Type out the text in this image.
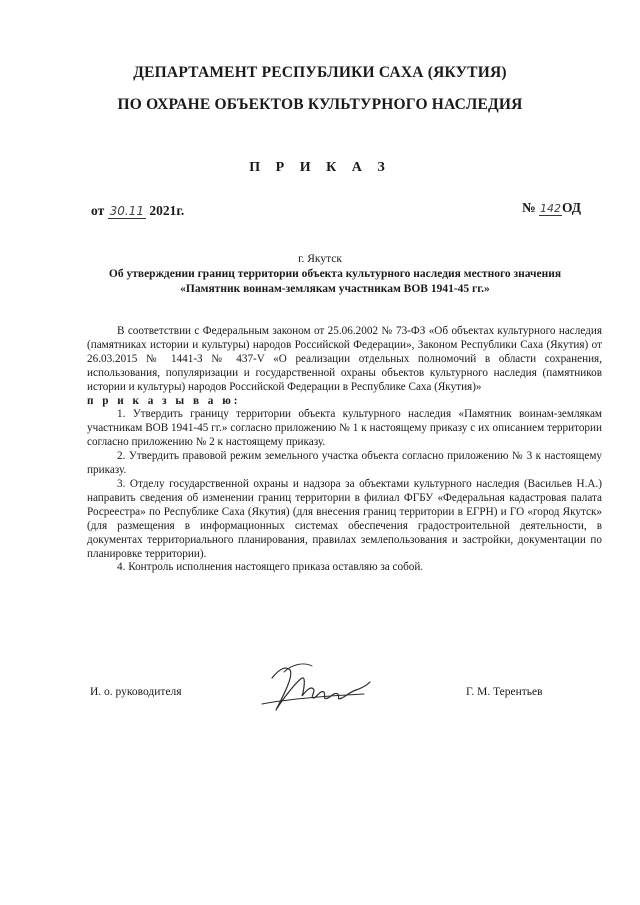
ДЕПАРТАМЕНТ РЕСПУБЛИКИ САХА (ЯКУТИЯ)
ПО ОХРАНЕ ОБЪЕКТОВ КУЛЬТУРНОГО НАСЛЕДИЯ
П Р И К А З
от 30.11 2021г.	№ 142ОД
г. Якутск
Об утверждении границ территории объекта культурного наследия местного значения «Памятник воинам-землякам участникам ВОВ 1941-45 гг.»

В соответствии с Федеральным законом от 25.06.2002 № 73-ФЗ «Об объектах культурного наследия (памятниках истории и культуры) народов Российской Федерации», Законом Республики Саха (Якутия) от 26.03.2015 № 1441-З № 437-V «О реализации отдельных полномочий в области сохранения, использования, популяризации и государственной охраны объектов культурного наследия (памятников истории и культуры) народов Российской Федерации в Республике Саха (Якутия)»

п р и к а з ы в а ю:

1. Утвердить границу территории объекта культурного наследия «Памятник воинам-землякам участникам ВОВ 1941-45 гг.» согласно приложению № 1 к настоящему приказу с их описанием территории согласно приложению № 2 к настоящему приказу.

2. Утвердить правовой режим земельного участка объекта согласно приложению № 3 к настоящему приказу.

3. Отделу государственной охраны и надзора за объектами культурного наследия (Васильев Н.А.) направить сведения об изменении границ территории в филиал ФГБУ «Федеральная кадастровая палата Росреестра» по Республике Саха (Якутия) (для внесения границ территории в ЕГРН) и ГО «город Якутск» (для размещения в информационных системах обеспечения градостроительной деятельности, в документах территориального планирования, правилах землепользования и застройки, документации по планировке территории).

4. Контроль исполнения настоящего приказа оставляю за собой.

И. о. руководителя	Г. М. Терентьев
